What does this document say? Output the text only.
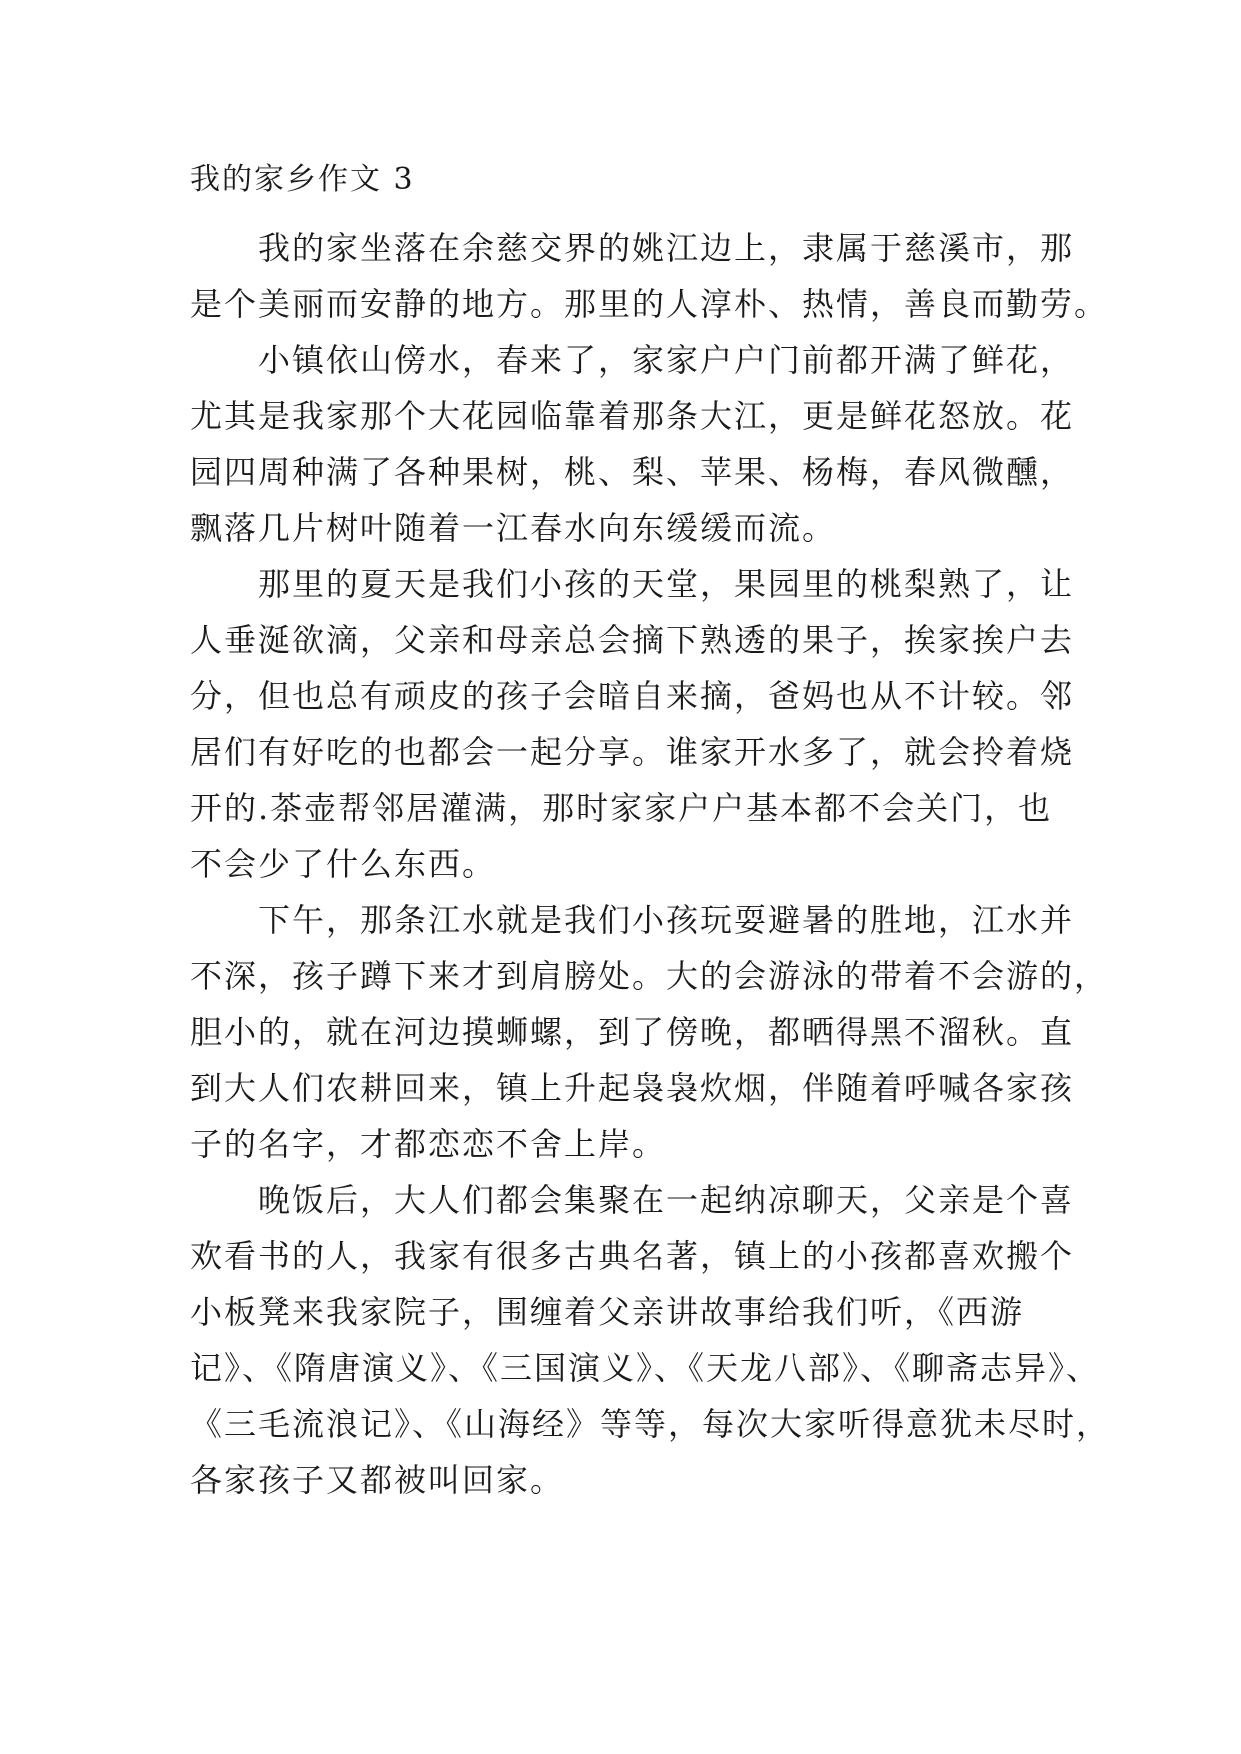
我的家乡作文 3

我的家坐落在余慈交界的姚江边上，隶属于慈溪市，那
是个美丽而安静的地方。那里的人淳朴、热情，善良而勤劳。

小镇依山傍水，春来了，家家户户门前都开满了鲜花，
尤其是我家那个大花园临靠着那条大江，更是鲜花怒放。花
园四周种满了各种果树，桃、梨、苹果、杨梅，春风微醺，
飘落几片树叶随着一江春水向东缓缓而流。

那里的夏天是我们小孩的天堂，果园里的桃梨熟了，让
人垂涎欲滴，父亲和母亲总会摘下熟透的果子，挨家挨户去
分，但也总有顽皮的孩子会暗自来摘，爸妈也从不计较。邻
居们有好吃的也都会一起分享。谁家开水多了，就会拎着烧
开的.茶壶帮邻居灌满，那时家家户户基本都不会关门，也
不会少了什么东西。

下午，那条江水就是我们小孩玩耍避暑的胜地，江水并
不深，孩子蹲下来才到肩膀处。大的会游泳的带着不会游的，
胆小的，就在河边摸蛳螺，到了傍晚，都晒得黑不溜秋。直
到大人们农耕回来，镇上升起袅袅炊烟，伴随着呼喊各家孩
子的名字，才都恋恋不舍上岸。

晚饭后，大人们都会集聚在一起纳凉聊天，父亲是个喜
欢看书的人，我家有很多古典名著，镇上的小孩都喜欢搬个
小板凳来我家院子，围缠着父亲讲故事给我们听，《西游
记》、《隋唐演义》、《三国演义》、《天龙八部》、《聊斋志异》、
《三毛流浪记》、《山海经》等等，每次大家听得意犹未尽时，
各家孩子又都被叫回家。
